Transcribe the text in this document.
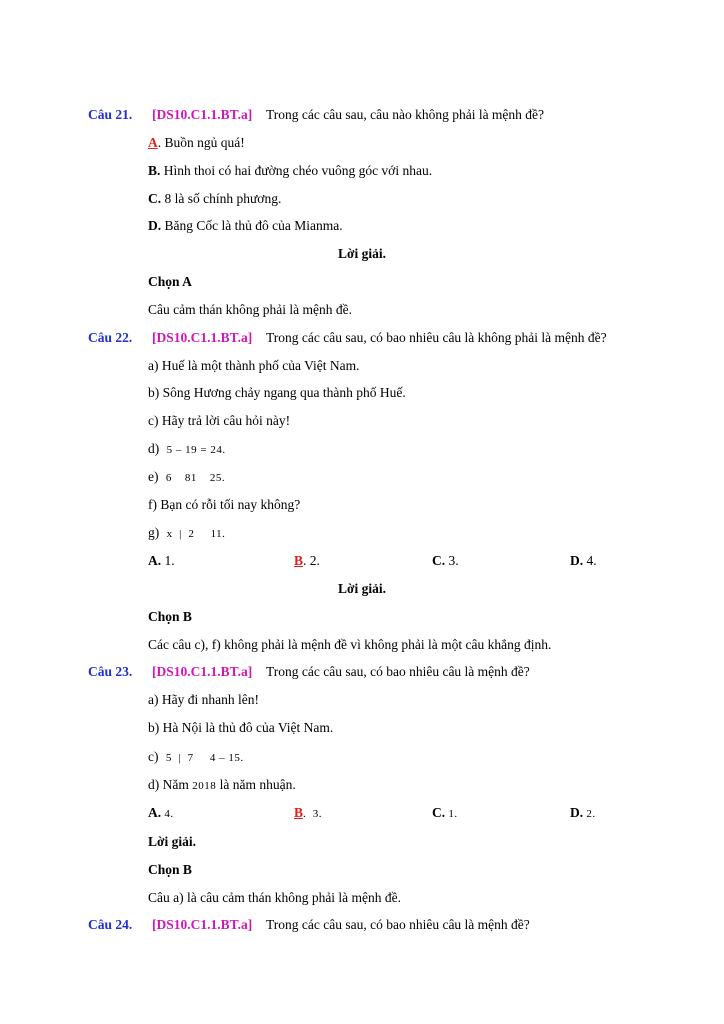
Câu 21. [DS10.C1.1.BT.a] Trong các câu sau, câu nào không phải là mệnh đề?
A. Buồn ngủ quá!
B. Hình thoi có hai đường chéo vuông góc với nhau.
C. 8 là số chính phương.
D. Băng Cốc là thủ đô của Mianma.
Lời giải.
Chọn A
Câu cảm thán không phải là mệnh đề.
Câu 22. [DS10.C1.1.BT.a] Trong các câu sau, có bao nhiêu câu là không phải là mệnh đề?
a) Huế là một thành phố của Việt Nam.
b) Sông Hương chảy ngang qua thành phố Huế.
c) Hãy trả lời câu hỏi này!
d) 5 – 19 = 24.
e) 6    81    25.
f) Bạn có rỗi tối nay không?
g) x  |  2     11.
A. 1.	B. 2.	C. 3.	D. 4.
Lời giải.
Chọn B
Các câu c), f) không phải là mệnh đề vì không phải là một câu khẳng định.
Câu 23. [DS10.C1.1.BT.a] Trong các câu sau, có bao nhiêu câu là mệnh đề?
a) Hãy đi nhanh lên!
b) Hà Nội là thủ đô của Việt Nam.
c) 5  |  7     4 – 15.
d) Năm 2018 là năm nhuận.
A. 4.	B.  3.	C. 1.	D. 2.
Lời giải.
Chọn B
Câu a) là câu cảm thán không phải là mệnh đề.
Câu 24. [DS10.C1.1.BT.a] Trong các câu sau, có bao nhiêu câu là mệnh đề?
